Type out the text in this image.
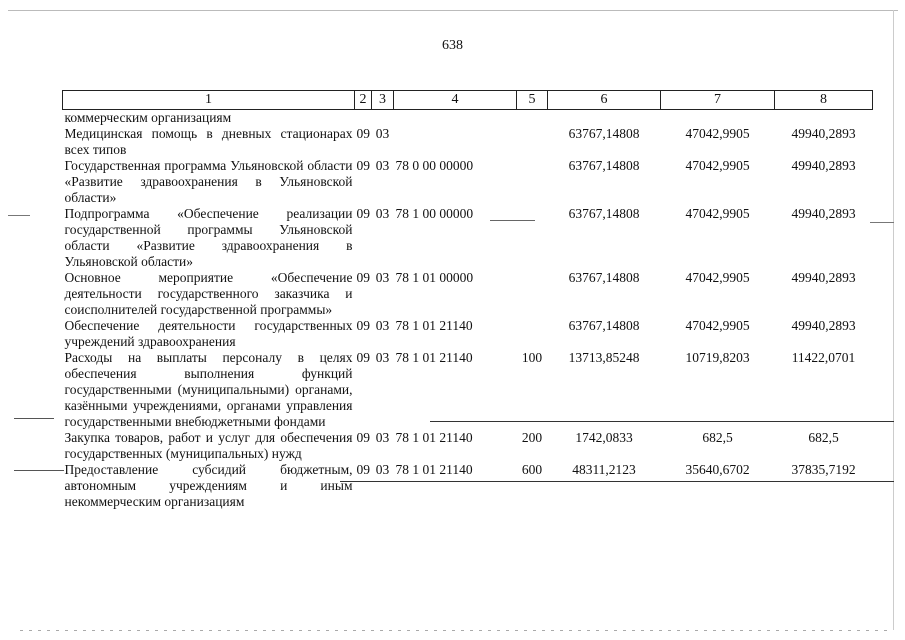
638
1	2	3	4	5	6	7	8
коммерческим организациям							
Медицинская помощь в дневных стационарах всех типов	09	03			63767,14808	47042,9905	49940,2893
Государственная программа Ульяновской области «Развитие здравоохранения в Ульяновской области»	09	03	78 0 00 00000		63767,14808	47042,9905	49940,2893
Подпрограмма «Обеспечение реализации государственной программы Ульяновской области «Развитие здравоохранения в Ульяновской области»	09	03	78 1 00 00000		63767,14808	47042,9905	49940,2893
Основное мероприятие «Обеспечение деятельности государственного заказчика и соисполнителей государственной программы»	09	03	78 1 01 00000		63767,14808	47042,9905	49940,2893
Обеспечение деятельности государственных учреждений здравоохранения	09	03	78 1 01 21140		63767,14808	47042,9905	49940,2893
Расходы на выплаты персоналу в целях обеспечения выполнения функций государственными (муниципальными) органами, казёнными учреждениями, органами управления государственными внебюджетными фондами	09	03	78 1 01 21140	100	13713,85248	10719,8203	11422,0701
Закупка товаров, работ и услуг для обеспечения государственных (муниципальных) нужд	09	03	78 1 01 21140	200	1742,0833	682,5	682,5
Предоставление субсидий бюджетным, автономным учреждениям и иным некоммерческим организациям	09	03	78 1 01 21140	600	48311,2123	35640,6702	37835,7192
